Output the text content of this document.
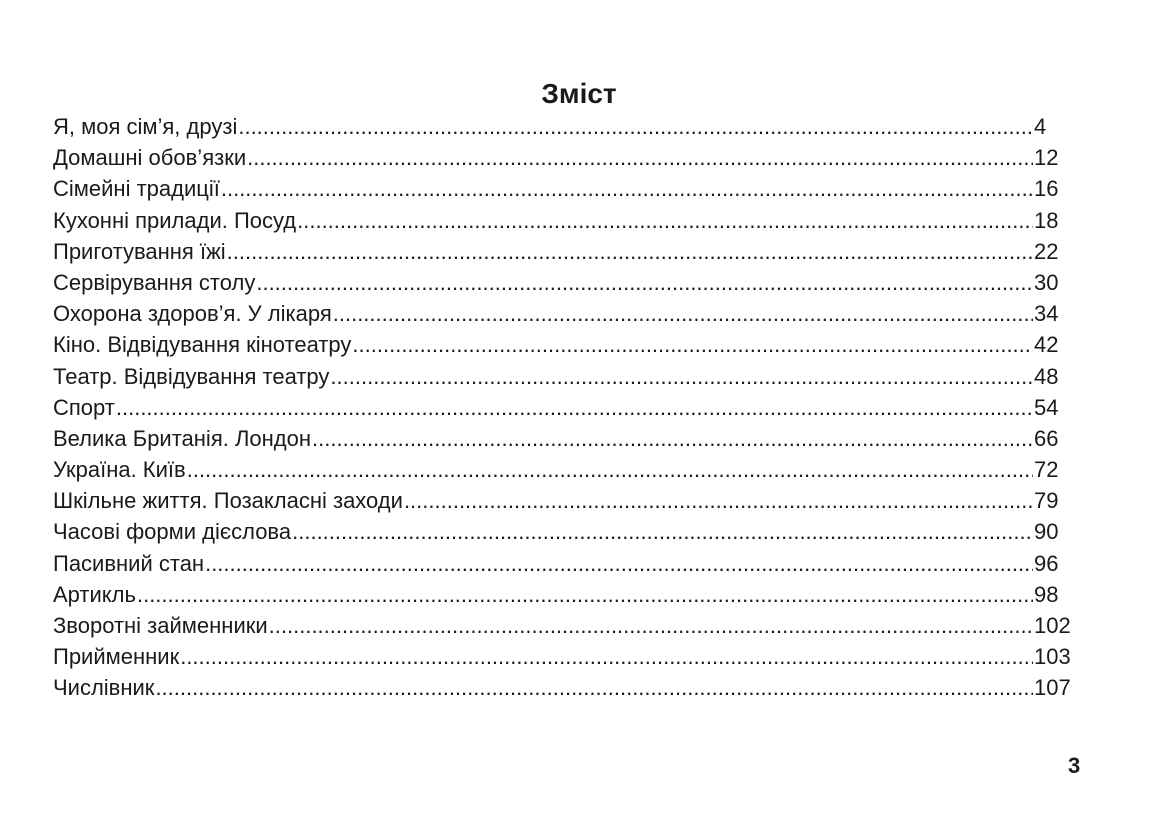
Зміст
Я, моя сім’я, друзі .....	4
Домашні обов’язки .....	12
Сімейні традиції .....	16
Кухонні прилади. Посуд .....	18
Приготування їжі .....	22
Сервірування столу .....	30
Охорона здоров’я. У лікаря .....	34
Кіно. Відвідування кінотеатру .....	42
Театр. Відвідування театру .....	48
Спорт .....	54
Велика Британія. Лондон .....	66
Україна. Київ .....	72
Шкільне життя. Позакласні заходи .....	79
Часові форми дієслова .....	90
Пасивний стан .....	96
Артикль .....	98
Зворотні займенники .....	102
Прийменник .....	103
Числівник .....	107
3
